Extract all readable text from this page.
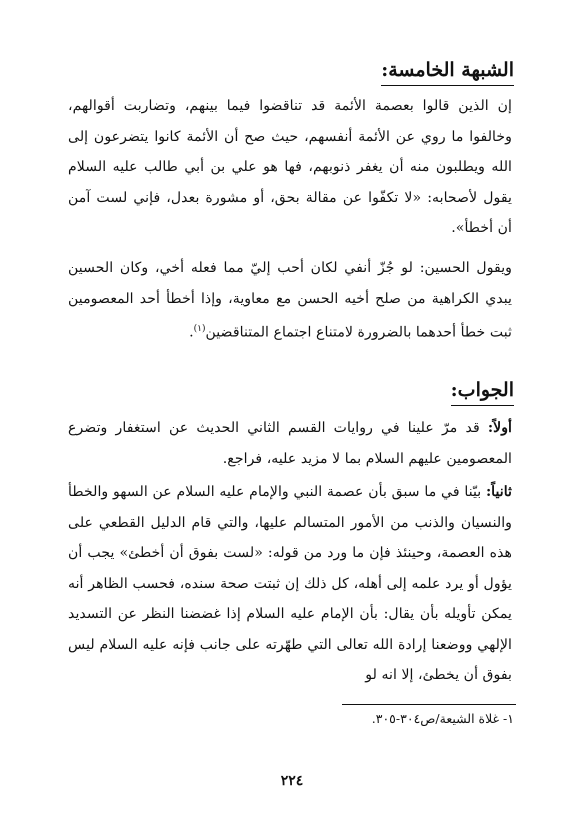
الشبهة الخامسة:
إن الذين قالوا بعصمة الأئمة قد تناقضوا فيما بينهم، وتضاربت أقوالهم، وخالفوا ما روي عن الأئمة أنفسهم، حيث صح أن الأئمة كانوا يتضرعون إلى الله ويطلبون منه أن يغفر ذنوبهم، فها هو علي بن أبي طالب عليه السلام يقول لأصحابه: «لا تكفّوا عن مقالة بحق، أو مشورة بعدل، فإني لست آمن أن أخطأ».
ويقول الحسين: لو جُزّ أنفي لكان أحب إليّ مما فعله أخي، وكان الحسين يبدي الكراهية من صلح أخيه الحسن مع معاوية، وإذا أخطأ أحد المعصومين ثبت خطأ أحدهما بالضرورة لامتناع اجتماع المتناقضين$^{(١)}$.
الجواب:
أولاً: قد مرّ علينا في روايات القسم الثاني الحديث عن استغفار وتضرع المعصومين عليهم السلام بما لا مزيد عليه، فراجع.
ثانياً: بيّنا في ما سبق بأن عصمة النبي والإمام عليه السلام عن السهو والخطأ والنسيان والذنب من الأمور المتسالم عليها، والتي قام الدليل القطعي على هذه العصمة، وحينئذ فإن ما ورد من قوله: «لست بفوق أن أخطئ» يجب أن يؤول أو يرد علمه إلى أهله، كل ذلك إن ثبتت صحة سنده، فحسب الظاهر أنه يمكن تأويله بأن يقال: بأن الإمام عليه السلام إذا غضضنا النظر عن التسديد الإلهي ووضعنا إرادة الله تعالى التي طهّرته على جانب فإنه عليه السلام ليس بفوق أن يخطئ، إلا انه لو
١- غلاة الشيعة/ص٣٠٤-٣٠٥.
٢٢٤
